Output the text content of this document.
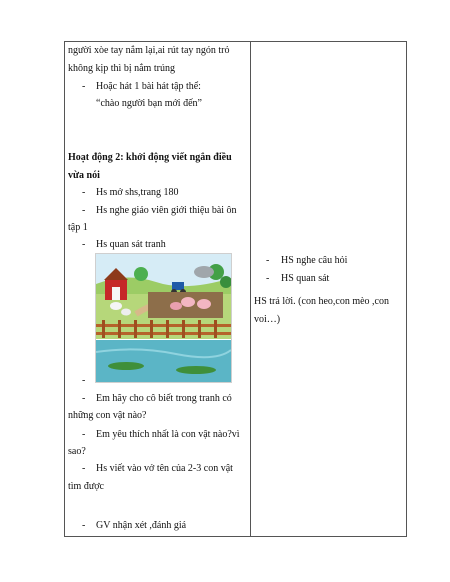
người xòe tay nắm lại,ai rút tay ngón trỏ
không kịp thì bị nắm trúng
- Hoặc hát 1 bài hát tập thể:
“chào người bạn mới đến”
Hoạt động 2: khởi động viết ngắn điều
vừa nói
- Hs mở shs,trang 180
- Hs nghe giáo viên giới thiệu bài ôn
tập 1
- Hs quan sát tranh
-
- Em hãy cho cô biết trong tranh có
những con vật nào?
- Em yêu thích nhất là con vật nào?vì
sao?
- Hs viết vào vở tên của 2-3 con vật
tìm được
- GV nhận xét ,đánh giá
- HS nghe câu hỏi
- HS quan sát
HS trả lời. (con heo,con mèo ,con
voi…)
